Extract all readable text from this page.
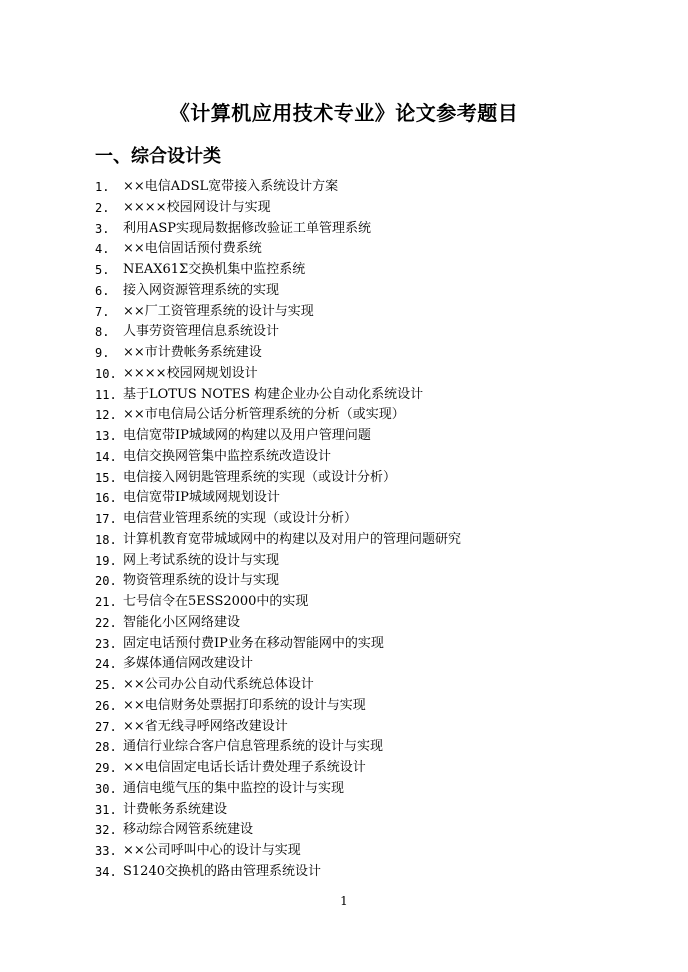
《计算机应用技术专业》论文参考题目
一、综合设计类
1.	××电信ADSL宽带接入系统设计方案
2.	××××校园网设计与实现
3.	利用ASP实现局数据修改验证工单管理系统
4.	××电信固话预付费系统
5.	NEAX61Σ交换机集中监控系统
6.	接入网资源管理系统的实现
7.	××厂工资管理系统的设计与实现
8.	人事劳资管理信息系统设计
9.	××市计费帐务系统建设
10. ××××校园网规划设计
11. 基于LOTUS NOTES 构建企业办公自动化系统设计
12. ××市电信局公话分析管理系统的分析（或实现）
13. 电信宽带IP城域网的构建以及用户管理问题
14. 电信交换网管集中监控系统改造设计
15. 电信接入网钥匙管理系统的实现（或设计分析）
16. 电信宽带IP城域网规划设计
17. 电信营业管理系统的实现（或设计分析）
18. 计算机教育宽带城域网中的构建以及对用户的管理问题研究
19. 网上考试系统的设计与实现
20. 物资管理系统的设计与实现
21. 七号信令在5ESS2000中的实现
22. 智能化小区网络建设
23. 固定电话预付费IP业务在移动智能网中的实现
24. 多媒体通信网改建设计
25. ××公司办公自动代系统总体设计
26. ××电信财务处票据打印系统的设计与实现
27. ××省无线寻呼网络改建设计
28. 通信行业综合客户信息管理系统的设计与实现
29. ××电信固定电话长话计费处理子系统设计
30. 通信电缆气压的集中监控的设计与实现
31. 计费帐务系统建设
32. 移动综合网管系统建设
33. ××公司呼叫中心的设计与实现
34. S1240交换机的路由管理系统设计
1
